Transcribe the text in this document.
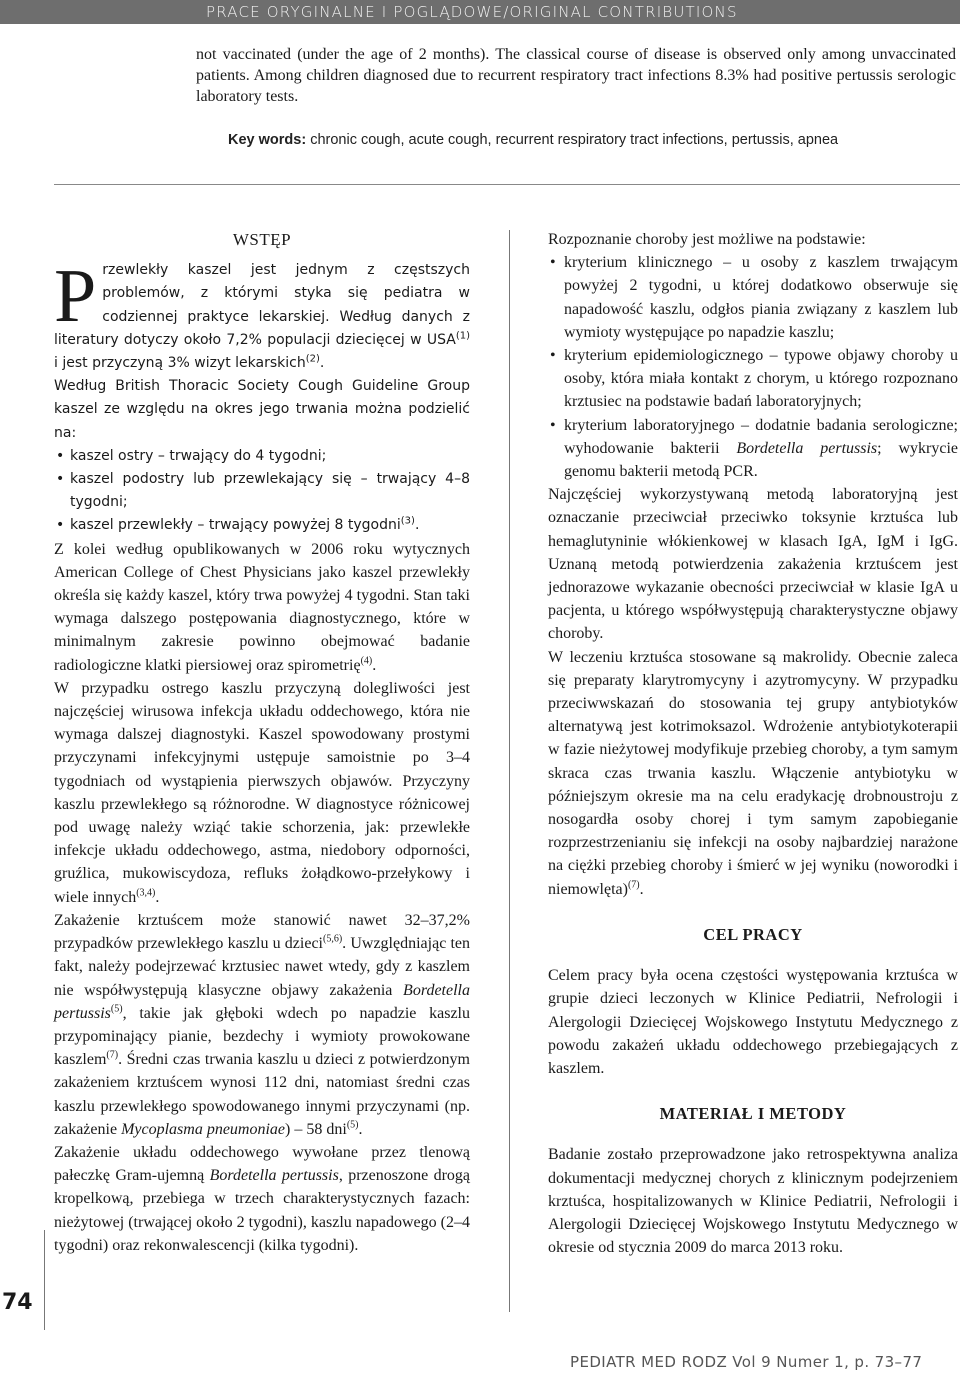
PRACE ORYGINALNE I POGLĄDOWE/ORIGINAL CONTRIBUTIONS

not vaccinated (under the age of 2 months). The classical course of disease is observed only among unvaccinated patients. Among children diagnosed due to recurrent respiratory tract infections 8.3% had positive pertussis serologic laboratory tests.

Key words: chronic cough, acute cough, recurrent respiratory tract infections, pertussis, apnea

WSTĘP

Przewlekły kaszel jest jednym z częstszych problemów, z którymi styka się pediatra w codziennej praktyce lekarskiej. Według danych z literatury dotyczy około 7,2% populacji dziecięcej w USA$^{(1)}$ i jest przyczyną 3% wizyt lekarskich$^{(2)}$.

Według British Thoracic Society Cough Guideline Group kaszel ze względu na okres jego trwania można podzielić na:

• kaszel ostry – trwający do 4 tygodni;
• kaszel podostry lub przewlekający się – trwający 4–8 tygodni;
• kaszel przewlekły – trwający powyżej 8 tygodni$^{(3)}$.

Z kolei według opublikowanych w 2006 roku wytycznych American College of Chest Physicians jako kaszel przewlekły określa się każdy kaszel, który trwa powyżej 4 tygodni. Stan taki wymaga dalszego postępowania diagnostycznego, które w minimalnym zakresie powinno obejmować badanie radiologiczne klatki piersiowej oraz spirometrię$^{(4)}$.

W przypadku ostrego kaszlu przyczyną dolegliwości jest najczęściej wirusowa infekcja układu oddechowego, która nie wymaga dalszej diagnostyki. Kaszel spowodowany prostymi przyczynami infekcyjnymi ustępuje samoistnie po 3–4 tygodniach od wystąpienia pierwszych objawów. Przyczyny kaszlu przewlekłego są różnorodne. W diagnostyce różnicowej pod uwagę należy wziąć takie schorzenia, jak: przewlekłe infekcje układu oddechowego, astma, niedobory odporności, gruźlica, mukowiscydoza, refluks żołądkowo-przełykowy i wiele innych$^{(3,4)}$.

Zakażenie krztuścem może stanowić nawet 32–37,2% przypadków przewlekłego kaszlu u dzieci$^{(5,6)}$. Uwzględniając ten fakt, należy podejrzewać krztusiec nawet wtedy, gdy z kaszlem nie współwystępują klasyczne objawy zakażenia Bordetella pertussis$^{(5)}$, takie jak głęboki wdech po napadzie kaszlu przypominający pianie, bezdechy i wymioty prowokowane kaszlem$^{(7)}$. Średni czas trwania kaszlu u dzieci z potwierdzonym zakażeniem krztuścem wynosi 112 dni, natomiast średni czas kaszlu przewlekłego spowodowanego innymi przyczynami (np. zakażenie Mycoplasma pneumoniae) – 58 dni$^{(5)}$.

Zakażenie układu oddechowego wywołane przez tlenową pałeczkę Gram-ujemną Bordetella pertussis, przenoszone drogą kropelkową, przebiega w trzech charakterystycznych fazach: nieżytowej (trwającej około 2 tygodni), kaszlu napadowego (2–4 tygodni) oraz rekonwalescencji (kilka tygodni).

Rozpoznanie choroby jest możliwe na podstawie:

• kryterium klinicznego – u osoby z kaszlem trwającym powyżej 2 tygodni, u której dodatkowo obserwuje się napadowość kaszlu, odgłos piania związany z kaszlem lub wymioty występujące po napadzie kaszlu;
• kryterium epidemiologicznego – typowe objawy choroby u osoby, która miała kontakt z chorym, u którego rozpoznano krztusiec na podstawie badań laboratoryjnych;
• kryterium laboratoryjnego – dodatnie badania serologiczne; wyhodowanie bakterii Bordetella pertussis; wykrycie genomu bakterii metodą PCR.

Najczęściej wykorzystywaną metodą laboratoryjną jest oznaczanie przeciwciał przeciwko toksynie krztuśca lub hemaglutyninie włókienkowej w klasach IgA, IgM i IgG. Uznaną metodą potwierdzenia zakażenia krztuścem jest jednorazowe wykazanie obecności przeciwciał w klasie IgA u pacjenta, u którego współwystępują charakterystyczne objawy choroby.

W leczeniu krztuśca stosowane są makrolidy. Obecnie zaleca się preparaty klarytromycyny i azytromycyny. W przypadku przeciwwskazań do stosowania tej grupy antybiotyków alternatywą jest kotrimoksazol. Wdrożenie antybiotykoterapii w fazie nieżytowej modyfikuje przebieg choroby, a tym samym skraca czas trwania kaszlu. Włączenie antybiotyku w późniejszym okresie ma na celu eradykację drobnoustroju z nosogardła osoby chorej i tym samym zapobieganie rozprzestrzenianiu się infekcji na osoby najbardziej narażone na ciężki przebieg choroby i śmierć w jej wyniku (noworodki i niemowlęta)$^{(7)}$.

CEL PRACY

Celem pracy była ocena częstości występowania krztuśca w grupie dzieci leczonych w Klinice Pediatrii, Nefrologii i Alergologii Dziecięcej Wojskowego Instytutu Medycznego z powodu zakażeń układu oddechowego przebiegających z kaszlem.

MATERIAŁ I METODY

Badanie zostało przeprowadzone jako retrospektywna analiza dokumentacji medycznej chorych z klinicznym podejrzeniem krztuśca, hospitalizowanych w Klinice Pediatrii, Nefrologii i Alergologii Dziecięcej Wojskowego Instytutu Medycznego w okresie od stycznia 2009 do marca 2013 roku.

74
PEDIATR MED RODZ Vol 9 Numer 1, p. 73–77
